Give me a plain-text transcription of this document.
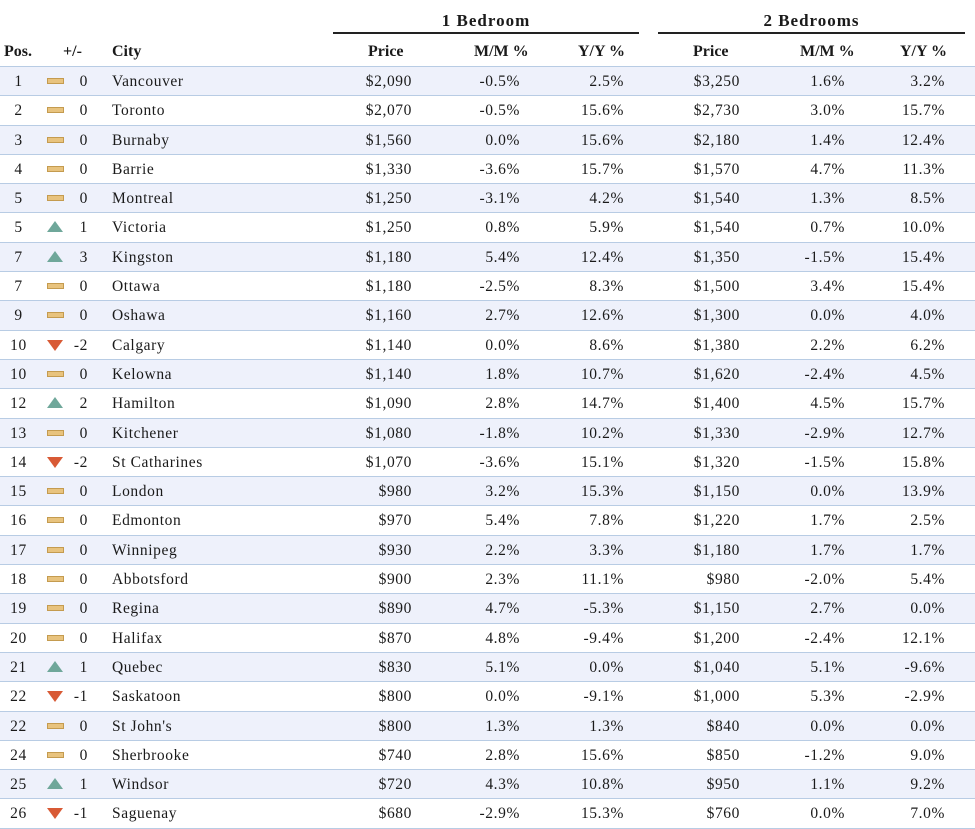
1 Bedroom	2 Bedrooms
Pos. +/- City	Price	M/M %	Y/Y %	Price	M/M %	Y/Y %
1	0 Vancouver	$2,090	-0.5%	2.5%	$3,250	1.6%	3.2%
2	0 Toronto	$2,070	-0.5%	15.6%	$2,730	3.0%	15.7%
3	0 Burnaby	$1,560	0.0%	15.6%	$2,180	1.4%	12.4%
4	0 Barrie	$1,330	-3.6%	15.7%	$1,570	4.7%	11.3%
5	0 Montreal	$1,250	-3.1%	4.2%	$1,540	1.3%	8.5%
5	1 Victoria	$1,250	0.8%	5.9%	$1,540	0.7%	10.0%
7	3 Kingston	$1,180	5.4%	12.4%	$1,350	-1.5%	15.4%
7	0 Ottawa	$1,180	-2.5%	8.3%	$1,500	3.4%	15.4%
9	0 Oshawa	$1,160	2.7%	12.6%	$1,300	0.0%	4.0%
10	-2 Calgary	$1,140	0.0%	8.6%	$1,380	2.2%	6.2%
10	0 Kelowna	$1,140	1.8%	10.7%	$1,620	-2.4%	4.5%
12	2 Hamilton	$1,090	2.8%	14.7%	$1,400	4.5%	15.7%
13	0 Kitchener	$1,080	-1.8%	10.2%	$1,330	-2.9%	12.7%
14	-2 St Catharines	$1,070	-3.6%	15.1%	$1,320	-1.5%	15.8%
15	0 London	$980	3.2%	15.3%	$1,150	0.0%	13.9%
16	0 Edmonton	$970	5.4%	7.8%	$1,220	1.7%	2.5%
17	0 Winnipeg	$930	2.2%	3.3%	$1,180	1.7%	1.7%
18	0 Abbotsford	$900	2.3%	11.1%	$980	-2.0%	5.4%
19	0 Regina	$890	4.7%	-5.3%	$1,150	2.7%	0.0%
20	0 Halifax	$870	4.8%	-9.4%	$1,200	-2.4%	12.1%
21	1 Quebec	$830	5.1%	0.0%	$1,040	5.1%	-9.6%
22	-1 Saskatoon	$800	0.0%	-9.1%	$1,000	5.3%	-2.9%
22	0 St John's	$800	1.3%	1.3%	$840	0.0%	0.0%
24	0 Sherbrooke	$740	2.8%	15.6%	$850	-1.2%	9.0%
25	1 Windsor	$720	4.3%	10.8%	$950	1.1%	9.2%
26	-1 Saguenay	$680	-2.9%	15.3%	$760	0.0%	7.0%
